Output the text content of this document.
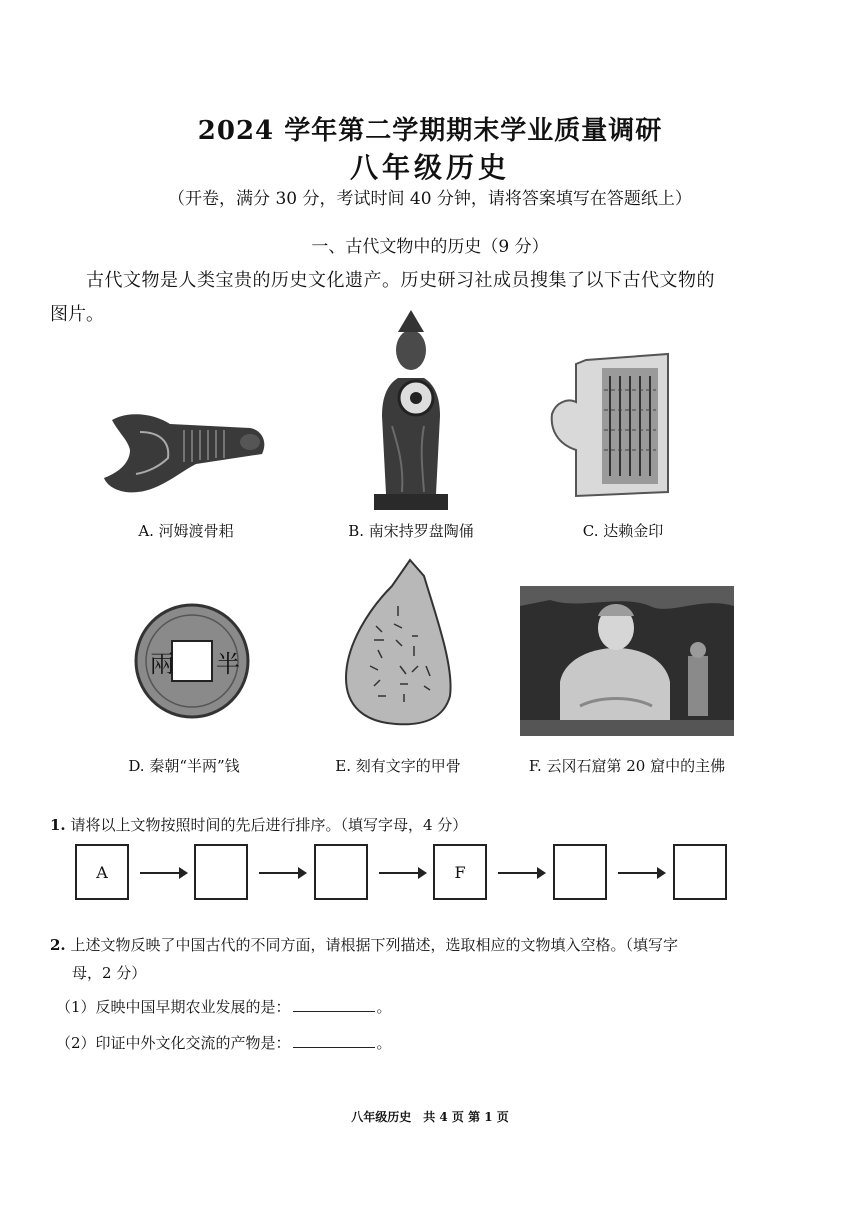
2024 学年第二学期期末学业质量调研
八年级历史
（开卷，满分 30 分，考试时间 40 分钟，请将答案填写在答题纸上）
一、古代文物中的历史（9 分）
古代文物是人类宝贵的历史文化遗产。历史研习社成员搜集了以下古代文物的
图片。
A. 河姆渡骨耜	B. 南宋持罗盘陶俑	C. 达赖金印
兩 半
D. 秦朝“半两”钱	E. 刻有文字的甲骨	F. 云冈石窟第 20 窟中的主佛
1. 请将以上文物按照时间的先后进行排序。（填写字母，4 分）
A	F
2. 上述文物反映了中国古代的不同方面，请根据下列描述，选取相应的文物填入空格。（填写字
母，2 分）
（1）反映中国早期农业发展的是：	。
（2）印证中外文化交流的产物是：	。
八年级历史　共 4 页 第 1 页
